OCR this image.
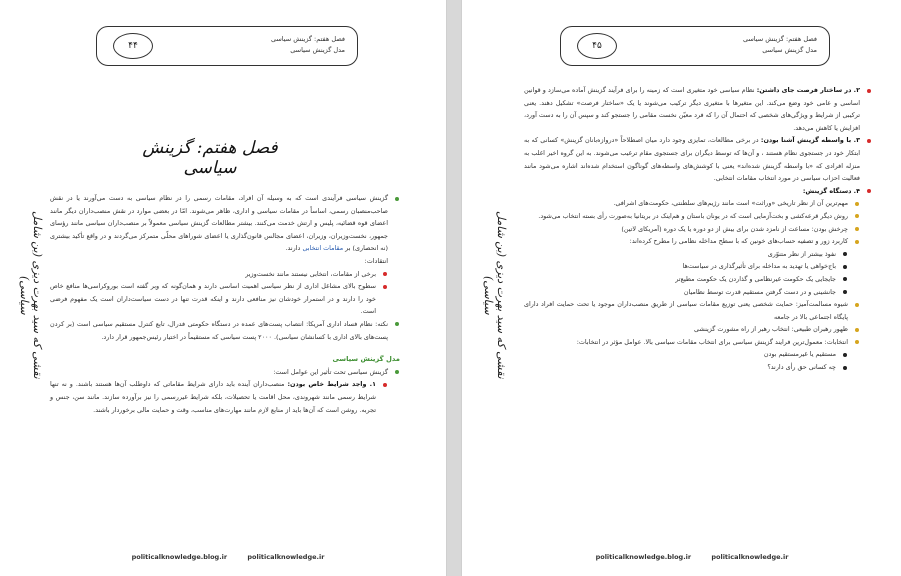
فصل هفتم: گزینش سیاسی
مدل گزینش سیاسی
۴۴
نقشی که سید بهرت دیزی (بن شامل سیاسی)
فصل هفتم: گزینش سیاسی
گزینش سیاسی فرآیندی است که به وسیله آن افراد، مقامات رسمی را در نظام سیاسی به دست می‌آورند یا در نقش صاحب‌منصبان رسمی، اساساً در مقامات سیاسی و اداری، ظاهر می‌شوند. امّا در بعضی موارد در نقش منصب‌داران دیگر مانند اعضای قوه قضائیه، پلیس و ارتش خدمت می‌کنند. بیشتر مطالعات گزینش سیاسی معمولاً بر منصب‌داران سیاسی مانند رؤسای جمهور، نخست‌وزیران، وزیران، اعضای مجالس قانون‌گذاری یا اعضای شوراهای محلّی متمرکز می‌گردند و در واقع تأکید بیشتری (نه انحصاری) بر مقامات انتخابی دارند.
انتقادات:
برخی از مقامات، انتخابی نیستند مانند نخست‌وزیر
سطوح بالای مشاغل اداری از نظر سیاسی اهمیت اساسی دارند و همان‌گونه که وبر گفته است بوروکراسی‌ها منافع خاص خود را دارند و در استمرار خودشان نیز منافعی دارند و اینکه قدرت تنها در دست سیاست‌داران است یک مفهوم فرضی است.
نکته: نظام فساد اداری آمریکا: انتصاب پست‌های عمده در دستگاه حکومتی فدرال، تابع کنترل مستقیم سیاسی است (بر کردن پست‌های بالای اداری با کسانشان سیاسی). ۲۰۰۰ پست سیاسی که مستقیماً در اختیار رئیس‌جمهور قرار دارد.
مدل گزینش سیاسی
گزینش سیاسی تحت تأثیر این عوامل است:
۱. واجد شرایط خاص بودن: منصب‌داران آینده باید دارای شرایط مقاماتی که داوطلب آن‌ها هستند باشند. و نه تنها شرایط رسمی مانند شهروندی، محل اقامت یا تحصیلات، بلکه شرایط غیررسمی را نیز برآورده سازند. مانند سن، جنس و تجربه. روشن است که آن‌ها باید از منابع لازم مانند مهارت‌های مناسب، وقت و حمایت مالی برخوردار باشند.
politicalknowledge.blog.ir politicalknowledge.ir
فصل هفتم: گزینش سیاسی
مدل گزینش سیاسی
۴۵
نقشی که سید بهرت دیزی (بن شامل سیاسی)
۲. در ساختار فرصت جای داشتن: نظام سیاسی خود متغیری است که زمینه را برای فرآیند گزینش آماده می‌سازد و قوانین اساسی و عامی خود وضع می‌کند. این متغیرها با متغیری دیگر ترکیب می‌شوند یا یک «ساختار فرصت» تشکیل دهند. یعنی ترکیبی از شرایط و ویژگی‌های شخصی که احتمال آن را که فرد معیّن نخست مقامی را جستجو کند و سپس آن را به دست آورد، افزایش یا کاهش می‌دهد.
۳. با واسطه گزینش آشنا بودن: در برخی مطالعات، تمایزی وجود دارد میان اصطلاحاً «دروازه‌بانان گزینش» کسانی که به ابتکار خود در جستجوی نظام هستند ، و آن‌ها که توسط دیگران برای جستجوی مقام ترغیب می‌شوند. به این گروه اخیر اغلب به منزله افرادی که «با واسطه گزینش شده‌اند» یعنی با کوشش‌های واسطه‌های گوناگون استخدام شده‌اند اشاره می‌شود مانند فعالیت احزاب سیاسی در مورد انتخاب مقامات انتخابی.
۴. دستگاه گزینش:
مهم‌ترین آن از نظر تاریخی «وراثت» است مانند رژیم‌های سلطنتی، حکومت‌های اشرافی.
روش دیگر قرعه‌کشی و بخت‌آزمایی است که در یونان باستان و هم‌اینک در بریتانیا به‌صورت رأی بسته انتخاب می‌شود.
چرخش بودن: مساعت از نامزد شدن برای بیش از دو دوره یا یک دوره (آمریکای لاتین)
کاربرد زور و تصفیه حساب‌های خونین که با سطح مداخله نظامی را مطرح کرده‌اند:
نفوذ بیشتر از نظر متنوّری
باج‌خواهی یا تهدید به مداخله برای تأثیرگذاری در سیاست‌ها
جایجایی یک حکومت غیرنظامی و گذاردن یک حکومت مطیع‌تر
جانشینی و در دست گرفتن مستقیم قدرت توسط نظامیان
شیوه مسالمت‌آمیز: حمایت شخصی یعنی توزیع مقامات سیاسی از طریق منصب‌داران موجود یا تحت حمایت افراد دارای پایگاه اجتماعی بالا در جامعه
ظهور رهبران طبیعی: انتخاب رهبر از راه مشورت گزینشی
انتخابات: معمول‌ترین فرایند گزینش سیاسی برای انتخاب مقامات سیاسی بالا. عوامل مؤثر در انتخابات:
مستقیم یا غیرمستقیم بودن
چه کسانی حق رأی دارند؟
politicalknowledge.blog.ir politicalknowledge.ir
